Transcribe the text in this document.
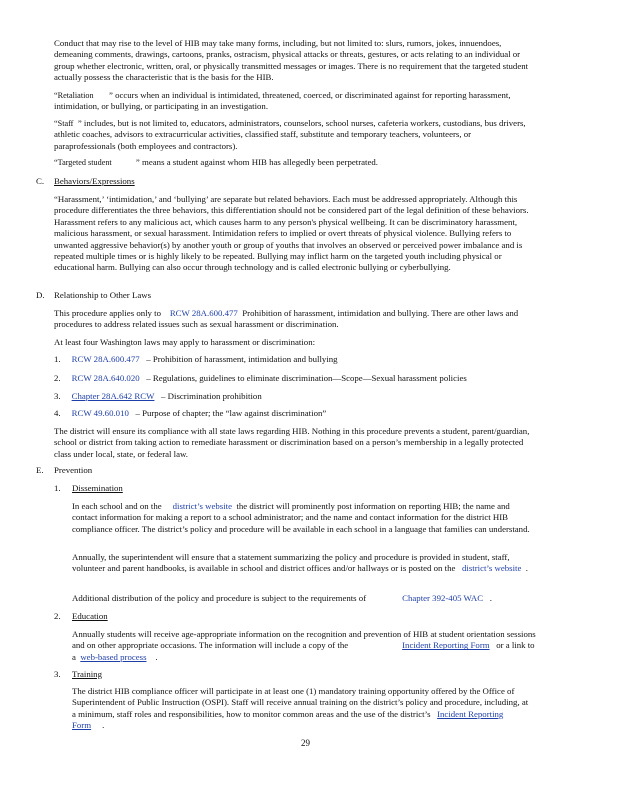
Conduct that may rise to the level of HIB may take many forms, including, but not limited to: slurs, rumors, jokes, innuendoes, demeaning comments, drawings, cartoons, pranks, ostracism, physical attacks or threats, gestures, or acts relating to an individual or group whether electronic, written, oral, or physically transmitted messages or images. There is no requirement that the targeted student actually possess the characteristic that is the basis for the HIB.

“Retaliation ” occurs when an individual is intimidated, threatened, coerced, or discriminated against for reporting harassment, intimidation, or bullying, or participating in an investigation.

“Staff ” includes, but is not limited to, educators, administrators, counselors, school nurses, cafeteria workers, custodians, bus drivers, athletic coaches, advisors to extracurricular activities, classified staff, substitute and temporary teachers, volunteers, or paraprofessionals (both employees and contractors).

“Targeted student	” means a student against whom HIB has allegedly been perpetrated.

C. Behaviors/Expressions

“Harassment,’ ‘intimidation,’ and ‘bullying’ are separate but related behaviors. Each must be addressed appropriately. Although this procedure differentiates the three behaviors, this differentiation should not be considered part of the legal definition of these behaviors. Harassment refers to any malicious act, which causes harm to any person's physical wellbeing. It can be discriminatory harassment, malicious harassment, or sexual harassment. Intimidation refers to implied or overt threats of physical violence. Bullying refers to unwanted aggressive behavior(s) by another youth or group of youths that involves an observed or perceived power imbalance and is repeated multiple times or is highly likely to be repeated. Bullying may inflict harm on the targeted youth including physical or educational harm. Bullying can also occur through technology and is called electronic bullying or cyberbullying.

D. Relationship to Other Laws

This procedure applies only to RCW 28A.600.477 Prohibition of harassment, intimidation and bullying. There are other laws and procedures to address related issues such as sexual harassment or discrimination.

At least four Washington laws may apply to harassment or discrimination:

1. RCW 28A.600.477 – Prohibition of harassment, intimidation and bullying
2. RCW 28A.640.020 – Regulations, guidelines to eliminate discrimination—Scope—Sexual harassment policies
3. Chapter 28A.642 RCW – Discrimination prohibition
4. RCW 49.60.010 – Purpose of chapter; the “law against discrimination”

The district will ensure its compliance with all state laws regarding HIB. Nothing in this procedure prevents a student, parent/guardian, school or district from taking action to remediate harassment or discrimination based on a person’s membership in a legally protected class under local, state, or federal law.

E. Prevention
1. Dissemination

In each school and on the district’s website the district will prominently post information on reporting HIB; the name and contact information for making a report to a school administrator; and the name and contact information for the district HIB compliance officer. The district’s policy and procedure will be available in each school in a language that families can understand.

Annually, the superintendent will ensure that a statement summarizing the policy and procedure is provided in student, staff, volunteer and parent handbooks, is available in school and district offices and/or hallways or is posted on the district’s website .

Additional distribution of the policy and procedure is subject to the requirements of	Chapter 392-405 WAC .

2. Education

Annually students will receive age-appropriate information on the recognition and prevention of HIB at student orientation sessions and on other appropriate occasions. The information will include a copy of the	Incident Reporting Form or a link to a web-based process .

3. Training

The district HIB compliance officer will participate in at least one (1) mandatory training opportunity offered by the Office of Superintendent of Public Instruction (OSPI). Staff will receive annual training on the district’s policy and procedure, including, at a minimum, staff roles and responsibilities, how to monitor common areas and the use of the district’s Incident Reporting Form .

29
